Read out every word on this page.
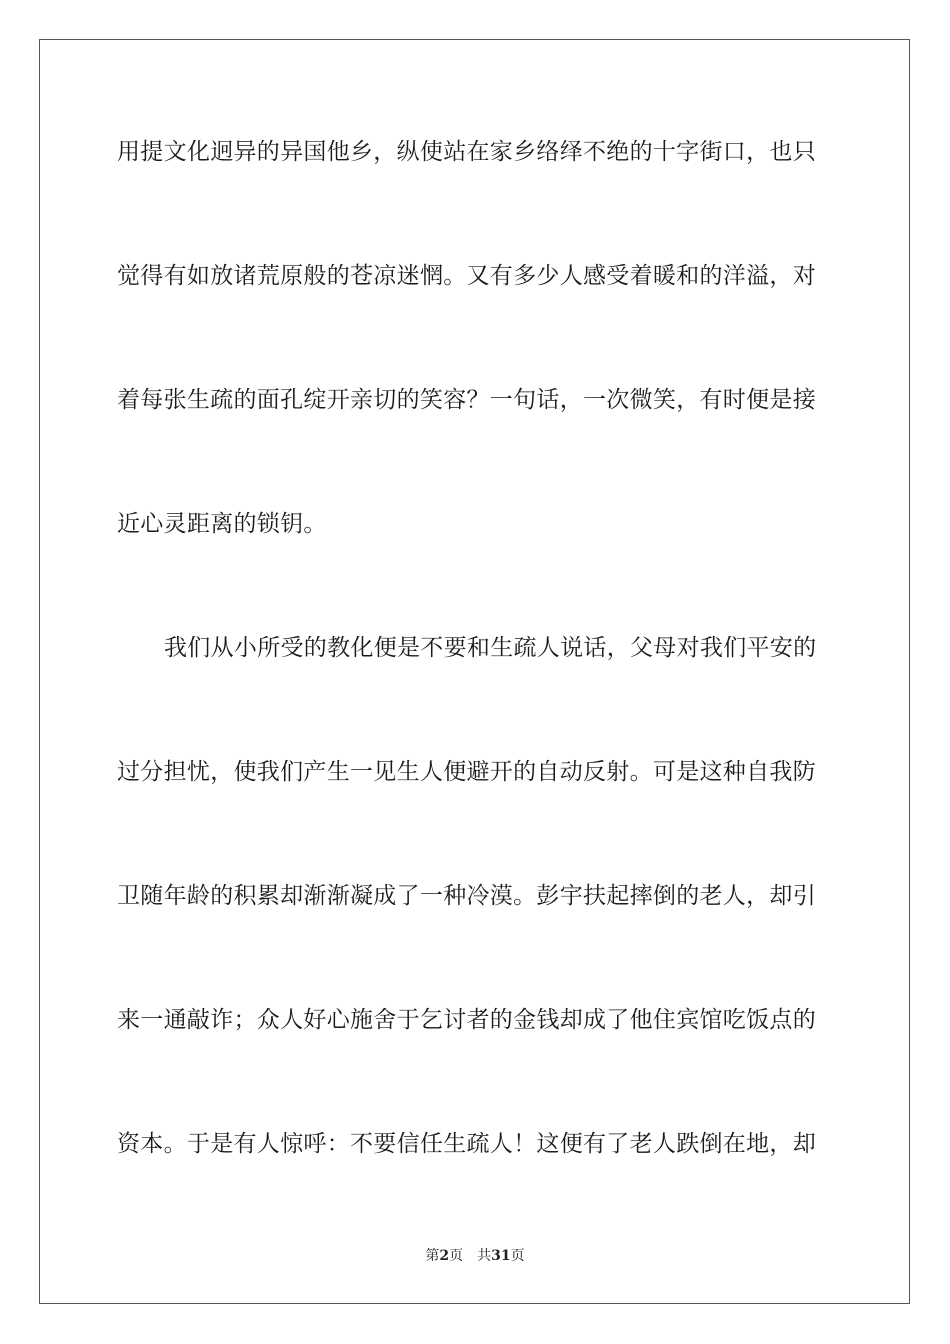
用提文化迥异的异国他乡，纵使站在家乡络绎不绝的十字街口，也只
觉得有如放诸荒原般的苍凉迷惘。又有多少人感受着暖和的洋溢，对
着每张生疏的面孔绽开亲切的笑容？一句话，一次微笑，有时便是接
近心灵距离的锁钥。
我们从小所受的教化便是不要和生疏人说话，父母对我们平安的
过分担忧，使我们产生一见生人便避开的自动反射。可是这种自我防
卫随年龄的积累却渐渐凝成了一种冷漠。彭宇扶起摔倒的老人，却引
来一通敲诈；众人好心施舍于乞讨者的金钱却成了他住宾馆吃饭点的
资本。于是有人惊呼：不要信任生疏人！这便有了老人跌倒在地，却
第2页 共31页
